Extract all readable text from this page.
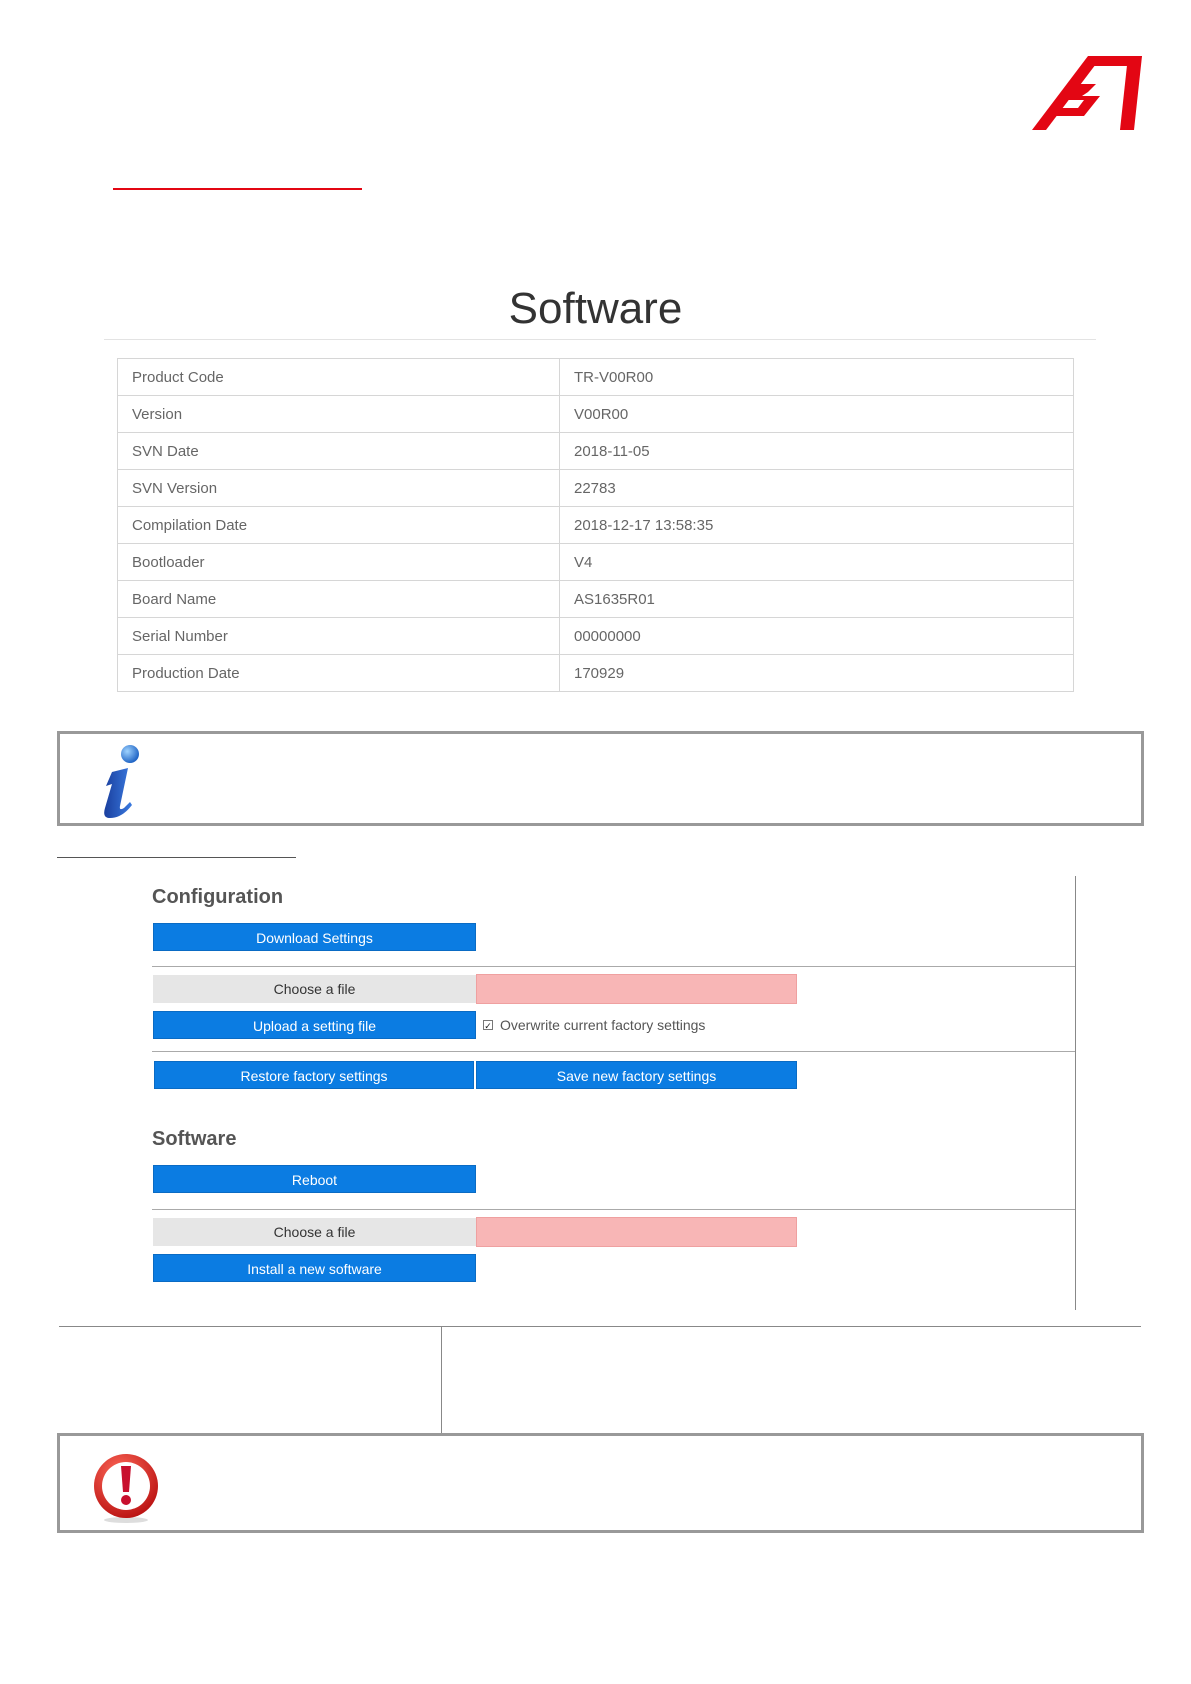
Software
Product Code	TR-V00R00
Version	V00R00
SVN Date	2018-11-05
SVN Version	22783
Compilation Date	2018-12-17 13:58:35
Bootloader	V4
Board Name	AS1635R01
Serial Number	00000000
Production Date	170929
Configuration
Download Settings
Choose a file
Upload a setting file	✓ Overwrite current factory settings
Restore factory settings	Save new factory settings
Software
Reboot
Choose a file
Install a new software
